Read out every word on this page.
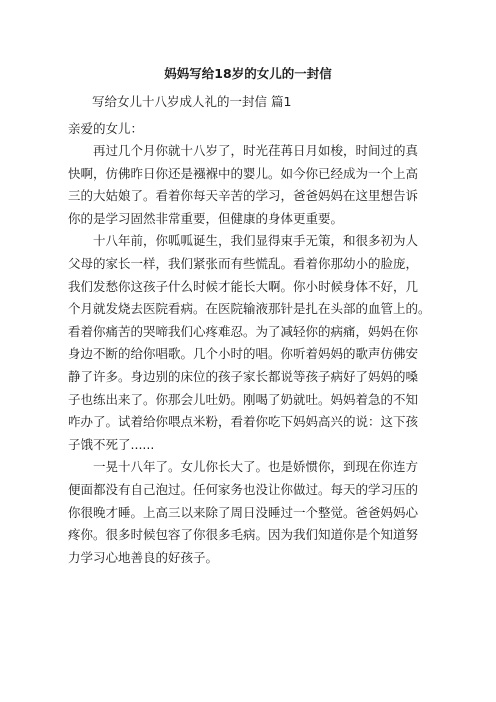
妈妈写给18岁的女儿的一封信
写给女儿十八岁成人礼的一封信 篇1
亲爱的女儿：
再过几个月你就十八岁了，时光荏苒日月如梭，时间过的真
快啊，仿佛昨日你还是襁褓中的婴儿。如今你已经成为一个上高
三的大姑娘了。看着你每天辛苦的学习，爸爸妈妈在这里想告诉
你的是学习固然非常重要，但健康的身体更重要。
十八年前，你呱呱诞生，我们显得束手无策，和很多初为人
父母的家长一样，我们紧张而有些慌乱。看着你那幼小的脸庞，
我们发愁你这孩子什么时候才能长大啊。你小时候身体不好，几
个月就发烧去医院看病。在医院输液那针是扎在头部的血管上的。
看着你痛苦的哭啼我们心疼难忍。为了减轻你的病痛，妈妈在你
身边不断的给你唱歌。几个小时的唱。你听着妈妈的歌声仿佛安
静了许多。身边别的床位的孩子家长都说等孩子病好了妈妈的嗓
子也练出来了。你那会儿吐奶。刚喝了奶就吐。妈妈着急的不知
咋办了。试着给你喂点米粉，看着你吃下妈妈高兴的说：这下孩
子饿不死了......
一晃十八年了。女儿你长大了。也是娇惯你，到现在你连方
便面都没有自己泡过。任何家务也没让你做过。每天的学习压的
你很晚才睡。上高三以来除了周日没睡过一个整觉。爸爸妈妈心
疼你。很多时候包容了你很多毛病。因为我们知道你是个知道努
力学习心地善良的好孩子。
